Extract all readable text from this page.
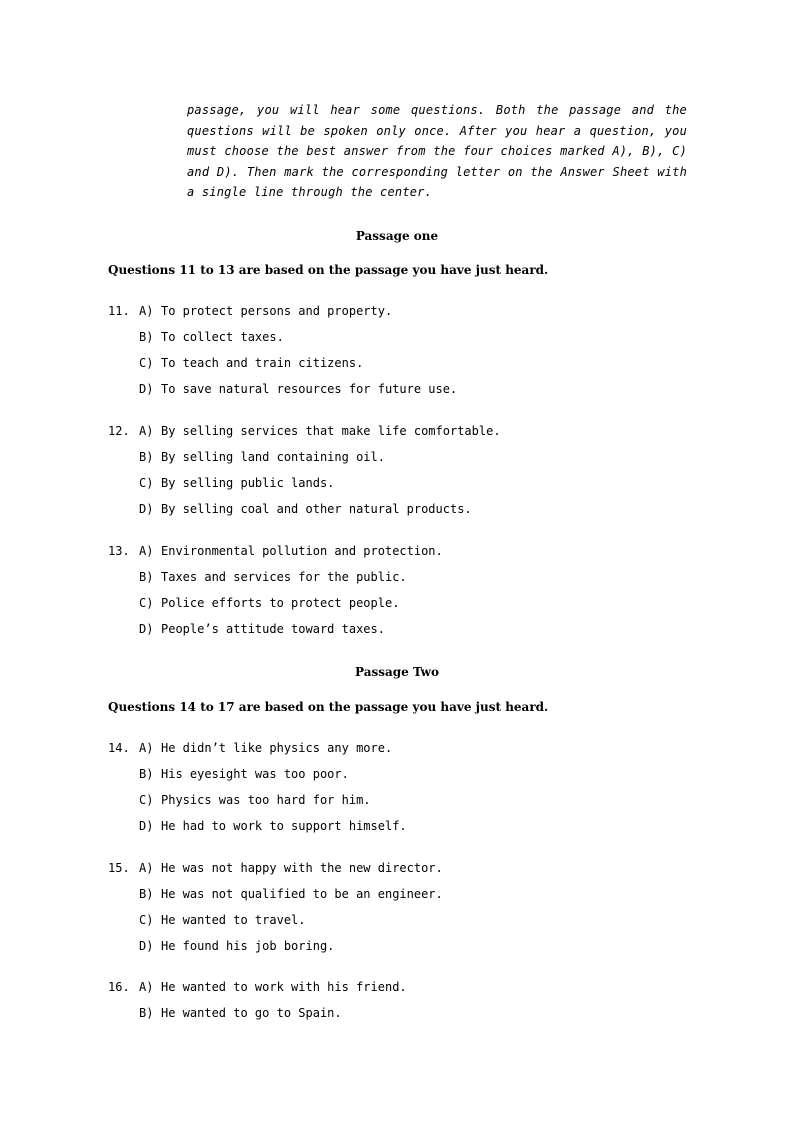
passage, you will hear some questions. Both the passage and the questions will be spoken only once. After you hear a question, you must choose the best answer from the four choices marked A), B), C) and D). Then mark the corresponding letter on the Answer Sheet with a single line through the center.

Passage one
Questions 11 to 13 are based on the passage you have just heard.
11. A) To protect persons and property.
B) To collect taxes.
C) To teach and train citizens.
D) To save natural resources for future use.
12. A) By selling services that make life comfortable.
B) By selling land containing oil.
C) By selling public lands.
D) By selling coal and other natural products.
13. A) Environmental pollution and protection.
B) Taxes and services for the public.
C) Police efforts to protect people.
D) People’s attitude toward taxes.
Passage Two
Questions 14 to 17 are based on the passage you have just heard.
14. A) He didn’t like physics any more.
B) His eyesight was too poor.
C) Physics was too hard for him.
D) He had to work to support himself.
15. A) He was not happy with the new director.
B) He was not qualified to be an engineer.
C) He wanted to travel.
D) He found his job boring.
16. A) He wanted to work with his friend.
B) He wanted to go to Spain.
